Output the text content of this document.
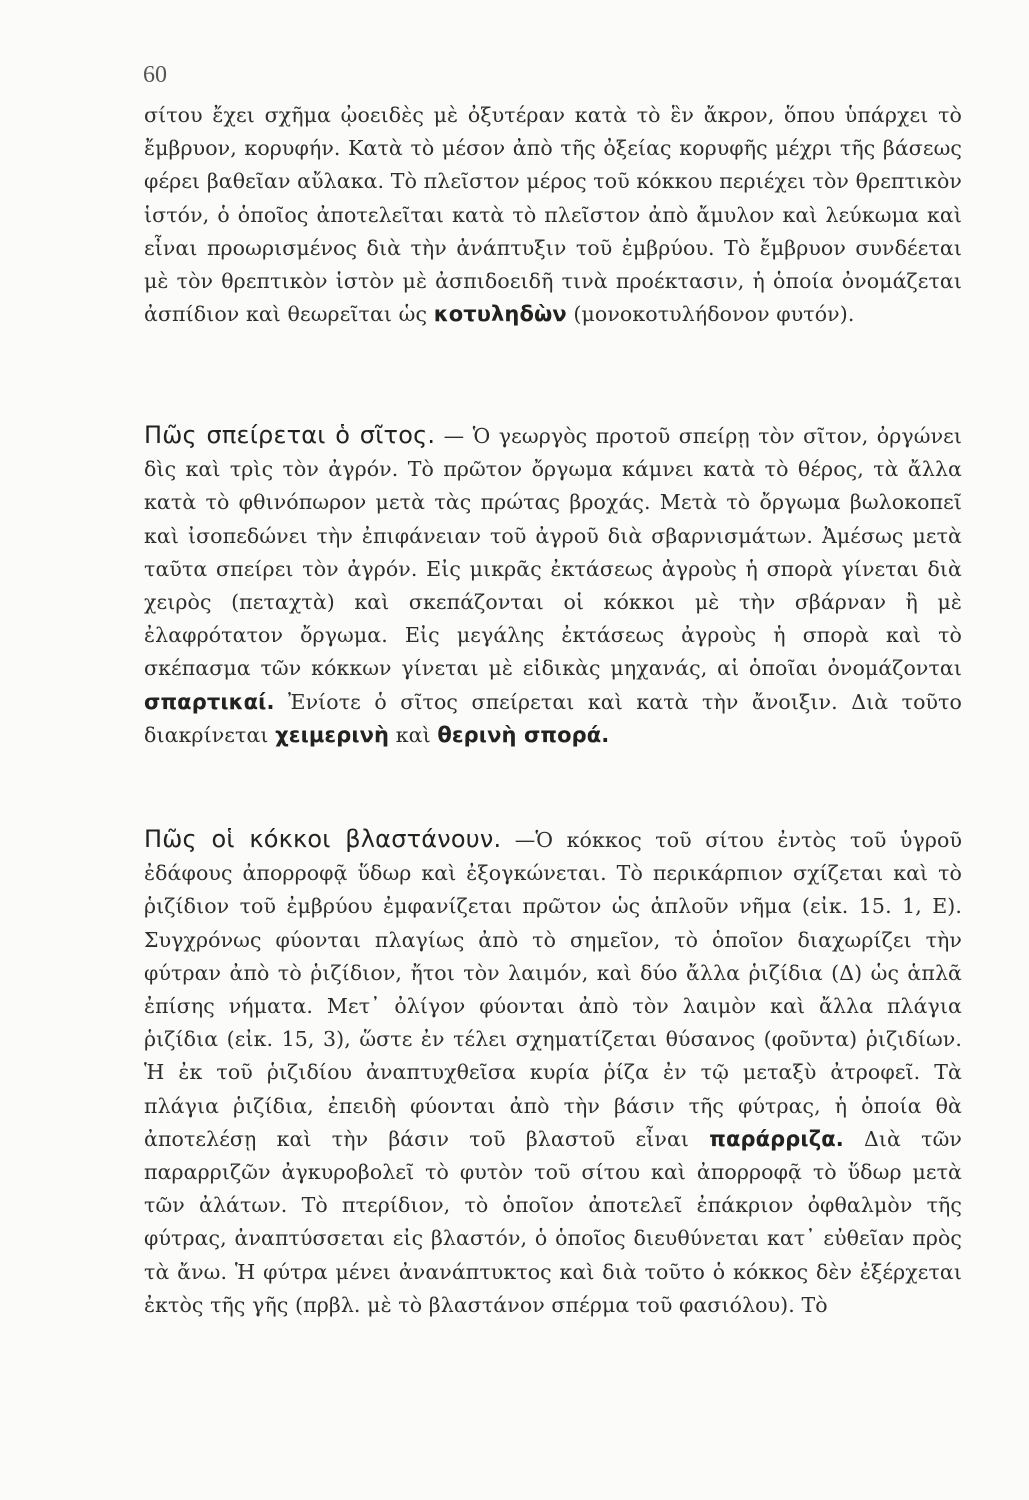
60
σίτου ἔχει σχῆμα ᾠοειδὲς μὲ ὀξυτέραν κατὰ τὸ ἓν ἄκρον, ὅπου ὑπάρχει τὸ ἔμβρυον, κορυφήν. Κατὰ τὸ μέσον ἀπὸ τῆς ὀξείας κορυφῆς μέχρι τῆς βάσεως φέρει βαθεῖαν αὔλακα. Τὸ πλεῖστον μέρος τοῦ κόκκου περιέχει τὸν θρεπτικὸν ἱστόν, ὁ ὁποῖος ἀποτελεῖται κατὰ τὸ πλεῖστον ἀπὸ ἄμυλον καὶ λεύκωμα καὶ εἶναι προωρισμένος διὰ τὴν ἀνάπτυξιν τοῦ ἐμβρύου. Τὸ ἔμβρυον συνδέεται μὲ τὸν θρεπτικὸν ἱστὸν μὲ ἀσπιδοειδῆ τινὰ προέκτασιν, ἡ ὁποία ὀνομάζεται ἀσπίδιον καὶ θεωρεῖται ὡς κοτυληδὼν (μονοκοτυλήδονον φυτόν).
Πῶς σπείρεται ὁ σῖτος. — Ὁ γεωργὸς προτοῦ σπείρῃ τὸν σῖτον, ὀργώνει δὶς καὶ τρὶς τὸν ἀγρόν. Τὸ πρῶτον ὄργωμα κάμνει κατὰ τὸ θέρος, τὰ ἄλλα κατὰ τὸ φθινόπωρον μετὰ τὰς πρώτας βροχάς. Μετὰ τὸ ὄργωμα βωλοκοπεῖ καὶ ἰσοπεδώνει τὴν ἐπιφάνειαν τοῦ ἀγροῦ διὰ σβαρνισμάτων. Ἀμέσως μετὰ ταῦτα σπείρει τὸν ἀγρόν. Εἰς μικρᾶς ἐκτάσεως ἀγροὺς ἡ σπορὰ γίνεται διὰ χειρὸς (πεταχτὰ) καὶ σκεπάζονται οἱ κόκκοι μὲ τὴν σβάρναν ἢ μὲ ἐλαφρότατον ὄργωμα. Εἰς μεγάλης ἐκτάσεως ἀγροὺς ἡ σπορὰ καὶ τὸ σκέπασμα τῶν κόκκων γίνεται μὲ εἰδικὰς μηχανάς, αἱ ὁποῖαι ὀνομάζονται σπαρτικαί. Ἐνίοτε ὁ σῖτος σπείρεται καὶ κατὰ τὴν ἄνοιξιν. Διὰ τοῦτο διακρίνεται χειμερινὴ καὶ θερινὴ σπορά.
Πῶς οἱ κόκκοι βλαστάνουν. —Ὁ κόκκος τοῦ σίτου ἐντὸς τοῦ ὑγροῦ ἐδάφους ἀπορροφᾷ ὕδωρ καὶ ἐξογκώνεται. Τὸ περικάρπιον σχίζεται καὶ τὸ ῥιζίδιον τοῦ ἐμβρύου ἐμφανίζεται πρῶτον ὡς ἁπλοῦν νῆμα (εἰκ. 15. 1, Ε). Συγχρόνως φύονται πλαγίως ἀπὸ τὸ σημεῖον, τὸ ὁποῖον διαχωρίζει τὴν φύτραν ἀπὸ τὸ ῥιζίδιον, ἤτοι τὸν λαιμόν, καὶ δύο ἄλλα ῥιζίδια (Δ) ὡς ἁπλᾶ ἐπίσης νήματα. Μετ᾽ ὀλίγον φύονται ἀπὸ τὸν λαιμὸν καὶ ἄλλα πλάγια ῥιζίδια (εἰκ. 15, 3), ὥστε ἐν τέλει σχηματίζεται θύσανος (φοῦντα) ῥιζιδίων. Ἡ ἐκ τοῦ ῥιζιδίου ἀναπτυχθεῖσα κυρία ῥίζα ἐν τῷ μεταξὺ ἀτροφεῖ. Τὰ πλάγια ῥιζίδια, ἐπειδὴ φύονται ἀπὸ τὴν βάσιν τῆς φύτρας, ἡ ὁποία θὰ ἀποτελέσῃ καὶ τὴν βάσιν τοῦ βλαστοῦ εἶναι παράρριζα. Διὰ τῶν παραρριζῶν ἀγκυροβολεῖ τὸ φυτὸν τοῦ σίτου καὶ ἀπορροφᾷ τὸ ὕδωρ μετὰ τῶν ἀλάτων. Τὸ πτερίδιον, τὸ ὁποῖον ἀποτελεῖ ἐπάκριον ὀφθαλμὸν τῆς φύτρας, ἀναπτύσσεται εἰς βλαστόν, ὁ ὁποῖος διευθύνεται κατ᾽ εὐθεῖαν πρὸς τὰ ἄνω. Ἡ φύτρα μένει ἀνανάπτυκτος καὶ διὰ τοῦτο ὁ κόκκος δὲν ἐξέρχεται ἐκτὸς τῆς γῆς (πρβλ. μὲ τὸ βλαστάνον σπέρμα τοῦ φασιόλου). Τὸ
